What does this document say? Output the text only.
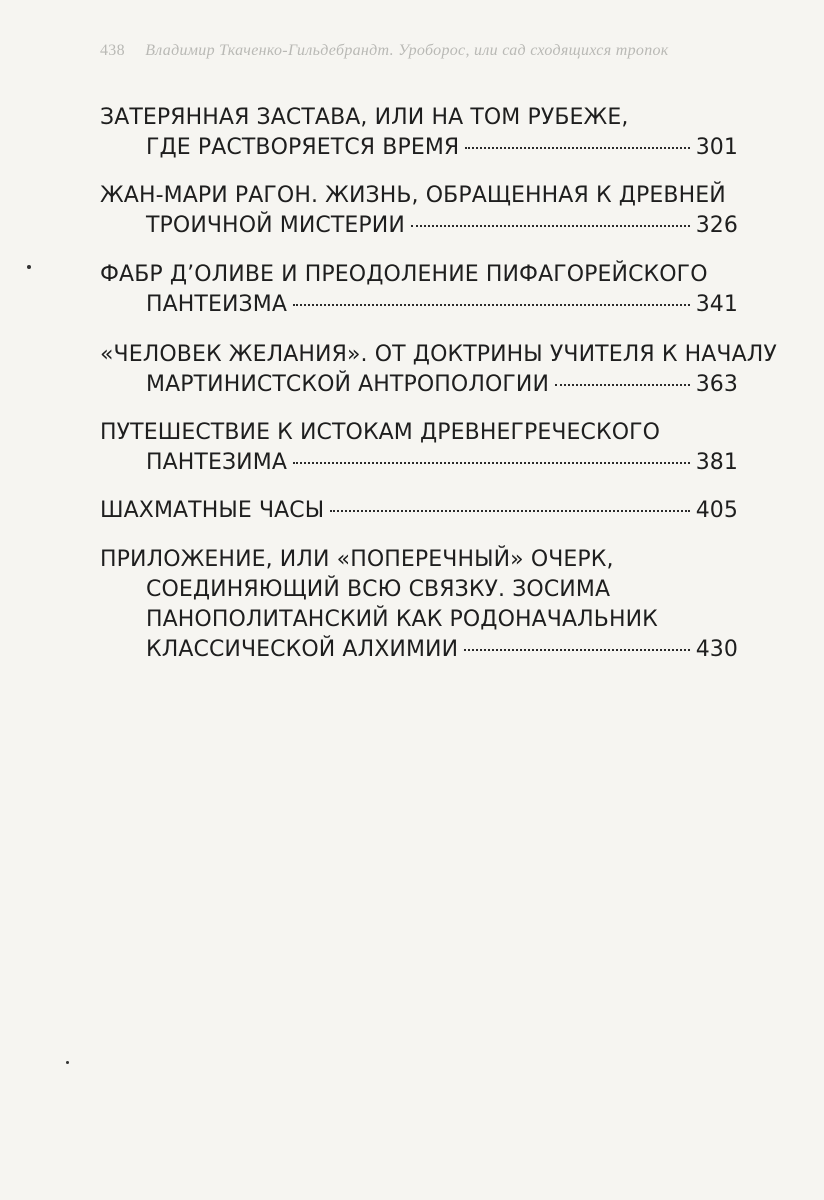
438 Владимир Ткаченко-Гильдебрандт. Уроборос, или сад сходящихся тропок
ЗАТЕРЯННАЯ ЗАСТАВА, ИЛИ НА ТОМ РУБЕЖЕ,
ГДЕ РАСТВОРЯЕТСЯ ВРЕМЯ	301
ЖАН-МАРИ РАГОН. ЖИЗНЬ, ОБРАЩЕННАЯ К ДРЕВНЕЙ
ТРОИЧНОЙ МИСТЕРИИ	326
ФАБР Д’ОЛИВЕ И ПРЕОДОЛЕНИЕ ПИФАГОРЕЙСКОГО
ПАНТЕИЗМА	341
«ЧЕЛОВЕК ЖЕЛАНИЯ». ОТ ДОКТРИНЫ УЧИТЕЛЯ К НАЧАЛУ
МАРТИНИСТСКОЙ АНТРОПОЛОГИИ	363
ПУТЕШЕСТВИЕ К ИСТОКАМ ДРЕВНЕГРЕЧЕСКОГО
ПАНТЕЗИМА	381
ШАХМАТНЫЕ ЧАСЫ	405
ПРИЛОЖЕНИЕ, ИЛИ «ПОПЕРЕЧНЫЙ» ОЧЕРК,
СОЕДИНЯЮЩИЙ ВСЮ СВЯЗКУ. ЗОСИМА
ПАНОПОЛИТАНСКИЙ КАК РОДОНАЧАЛЬНИК
КЛАССИЧЕСКОЙ АЛХИМИИ	430
